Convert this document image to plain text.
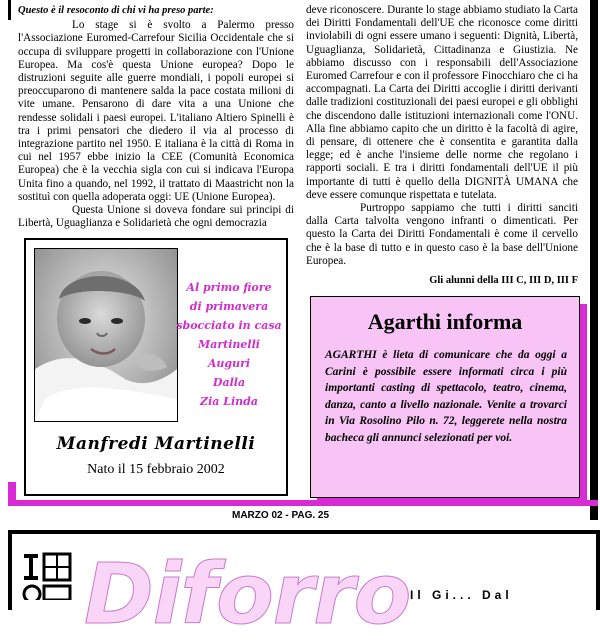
Questo è il resoconto di chi vi ha preso parte:

Lo stage si è svolto a Palermo presso l'Associazione Euromed-Carrefour Sicilia Occidentale che si occupa di sviluppare progetti in collaborazione con l'Unione Europea. Ma cos'è questa Unione europea? Dopo le distruzioni seguite alle guerre mondiali, i popoli europei si preoccuparono di mantenere salda la pace costata milioni di vite umane. Pensarono di dare vita a una Unione che rendesse solidali i paesi europei. L'italiano Altiero Spinelli è tra i primi pensatori che diedero il via al processo di integrazione partito nel 1950. E italiana è la città di Roma in cui nel 1957 ebbe inizio la CEE (Comunità Economica Europea) che è la vecchia sigla con cui si indicava l'Europa Unita fino a quando, nel 1992, il trattato di Maastricht non la sostituì con quella adoperata oggi: UE (Unione Europea).

Questa Unione si doveva fondare sui principi di Libertà, Uguaglianza e Solidarietà che ogni democrazia

deve riconoscere. Durante lo stage abbiamo studiato la Carta dei Diritti Fondamentali dell'UE che riconosce come diritti inviolabili di ogni essere umano i seguenti: Dignità, Libertà, Uguaglianza, Solidarietà, Cittadinanza e Giustizia. Ne abbiamo discusso con i responsabili dell'Associazione Euromed Carrefour e con il professore Finocchiaro che ci ha accompagnati. La Carta dei Diritti accoglie i diritti derivanti dalle tradizioni costituzionali dei paesi europei e gli obblighi che discendono dalle istituzioni internazionali come l'ONU. Alla fine abbiamo capito che un diritto è la facoltà di agire, di pensare, di ottenere che è consentita e garantita dalla legge; ed è anche l'insieme delle norme che regolano i rapporti sociali. E tra i diritti fondamentali dell'UE il più importante di tutti è quello della DIGNITÀ UMANA che deve essere comunque rispettata e tutelata.

Purtroppo sappiamo che tutti i diritti sanciti dalla Carta talvolta vengono infranti o dimenticati. Per questo la Carta dei Diritti Fondamentali è come il cervello che è la base di tutto e in questo caso è la base dell'Unione Europea.

Gli alunni della III C, III D, III F

Al primo fiore
di primavera
sbocciato in casa
Martinelli
Auguri
Dalla
Zia Linda
Manfredi Martinelli
Nato il 15 febbraio 2002
Agarthi informa
AGARTHI è lieta di comunicare che da oggi a Carini è possibile essere informati circa i più importanti casting di spettacolo, teatro, cinema, danza, canto a livello nazionale. Venite a trovarci in Via Rosolino Pilo n. 72, leggerete nella nostra bacheca gli annunci selezionati per voi.
MARZO 02 - PAG. 25
Diforro Il Gi... Dal
